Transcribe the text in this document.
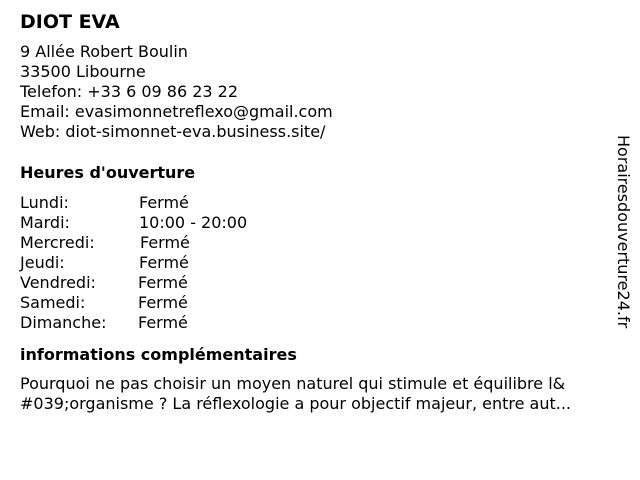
DIOT EVA
9 Allée Robert Boulin
33500 Libourne
Telefon: +33 6 09 86 23 22
Email: evasimonnetreflexo@gmail.com
Web: diot-simonnet-eva.business.site/
Heures d'ouverture
Lundi:	Fermé
Mardi:	10:00 - 20:00
Mercredi:	Fermé
Jeudi:	Fermé
Vendredi:	Fermé
Samedi:	Fermé
Dimanche: Fermé
informations complémentaires
Pourquoi ne pas choisir un moyen naturel qui stimule et équilibre l&
#039;organisme ? La réflexologie a pour objectif majeur, entre aut...
Horairesdouverture24.fr
